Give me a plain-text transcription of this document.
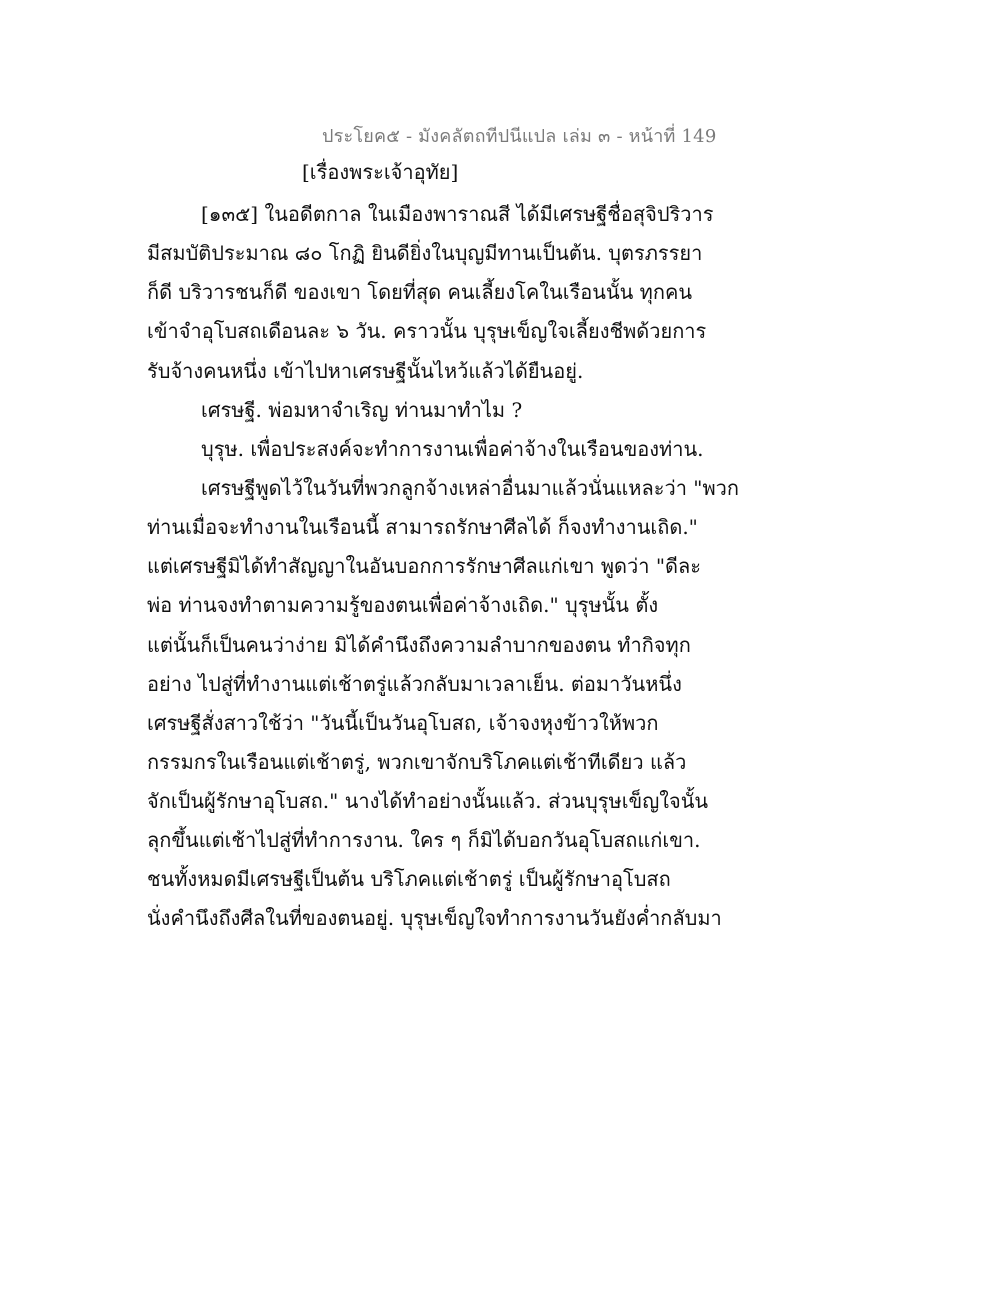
ประโยค๕ - มังคลัตถทีปนีแปล เล่ม ๓ - หน้าที่ 149
[เรื่องพระเจ้าอุทัย]
[๑๓๕] ในอดีตกาล ในเมืองพาราณสี ได้มีเศรษฐีชื่อสุจิปริวาร
มีสมบัติประมาณ ๘๐ โกฏิ ยินดียิ่งในบุญมีทานเป็นต้น. บุตรภรรยา
ก็ดี บริวารชนก็ดี ของเขา โดยที่สุด คนเลี้ยงโคในเรือนนั้น ทุกคน
เข้าจำอุโบสถเดือนละ ๖ วัน. คราวนั้น บุรุษเข็ญใจเลี้ยงชีพด้วยการ
รับจ้างคนหนึ่ง เข้าไปหาเศรษฐีนั้นไหว้แล้วได้ยืนอยู่.
เศรษฐี. พ่อมหาจำเริญ ท่านมาทำไม ?
บุรุษ. เพื่อประสงค์จะทำการงานเพื่อค่าจ้างในเรือนของท่าน.
เศรษฐีพูดไว้ในวันที่พวกลูกจ้างเหล่าอื่นมาแล้วนั่นแหละว่า "พวก
ท่านเมื่อจะทำงานในเรือนนี้ สามารถรักษาศีลได้ ก็จงทำงานเถิด."
แต่เศรษฐีมิได้ทำสัญญาในอันบอกการรักษาศีลแก่เขา พูดว่า "ดีละ
พ่อ ท่านจงทำตามความรู้ของตนเพื่อค่าจ้างเถิด." บุรุษนั้น ตั้ง
แต่นั้นก็เป็นคนว่าง่าย มิได้คำนึงถึงความลำบากของตน ทำกิจทุก
อย่าง ไปสู่ที่ทำงานแต่เช้าตรู่แล้วกลับมาเวลาเย็น. ต่อมาวันหนึ่ง
เศรษฐีสั่งสาวใช้ว่า "วันนี้เป็นวันอุโบสถ, เจ้าจงหุงข้าวให้พวก
กรรมกรในเรือนแต่เช้าตรู่, พวกเขาจักบริโภคแต่เช้าทีเดียว แล้ว
จักเป็นผู้รักษาอุโบสถ." นางได้ทำอย่างนั้นแล้ว. ส่วนบุรุษเข็ญใจนั้น
ลุกขึ้นแต่เช้าไปสู่ที่ทำการงาน. ใคร ๆ ก็มิได้บอกวันอุโบสถแก่เขา.
ชนทั้งหมดมีเศรษฐีเป็นต้น บริโภคแต่เช้าตรู่ เป็นผู้รักษาอุโบสถ
นั่งคำนึงถึงศีลในที่ของตนอยู่. บุรุษเข็ญใจทำการงานวันยังค่ำกลับมา
